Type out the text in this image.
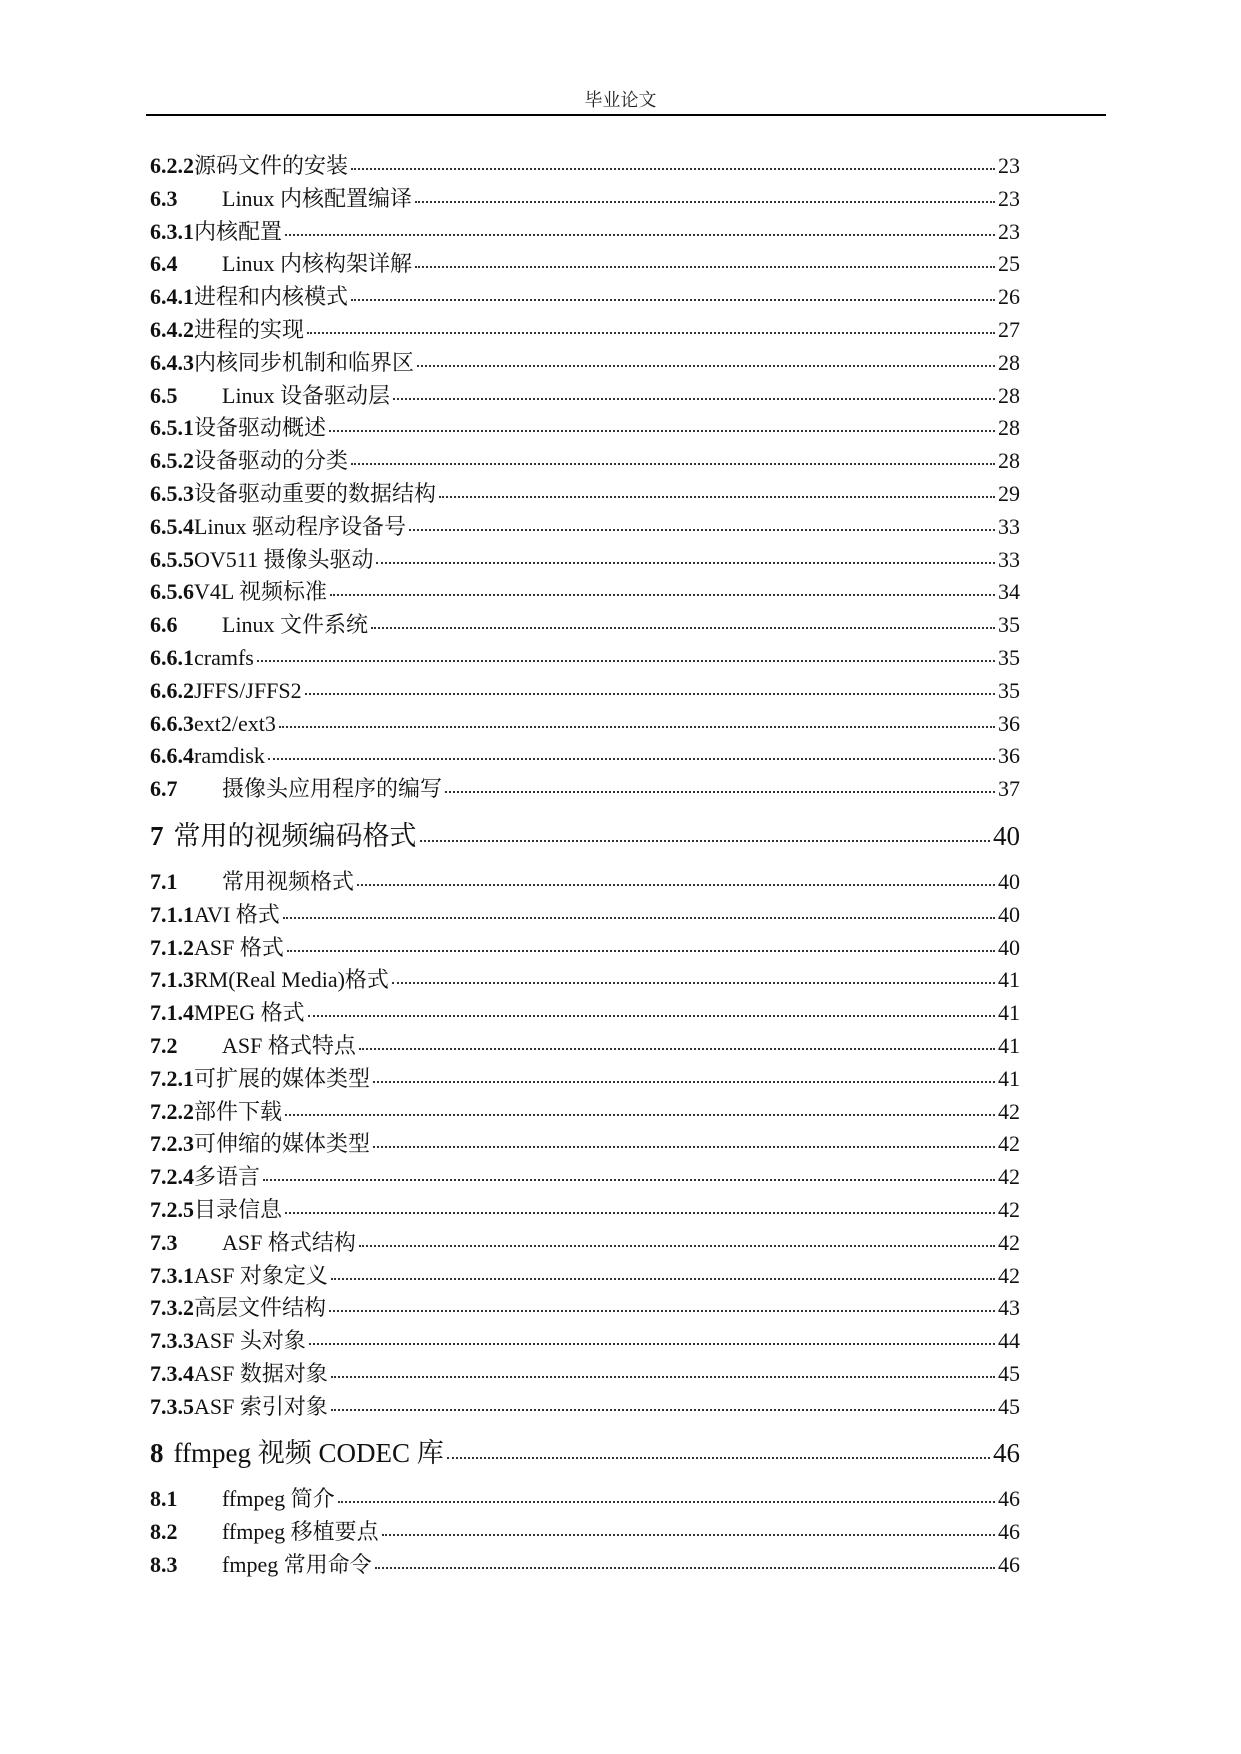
毕业论文
6.2.2 源码文件的安装	23
6.3	Linux 内核配置编译	23
6.3.1 内核配置	23
6.4	Linux 内核构架详解	25
6.4.1 进程和内核模式	26
6.4.2 进程的实现	27
6.4.3 内核同步机制和临界区	28
6.5	Linux 设备驱动层	28
6.5.1 设备驱动概述	28
6.5.2 设备驱动的分类	28
6.5.3 设备驱动重要的数据结构	29
6.5.4 Linux 驱动程序设备号	33
6.5.5 OV511 摄像头驱动	33
6.5.6 V4L 视频标准	34
6.6	Linux 文件系统	35
6.6.1 cramfs	35
6.6.2 JFFS/JFFS2	35
6.6.3 ext2/ext3	36
6.6.4 ramdisk	36
6.7	摄像头应用程序的编写	37
7 常用的视频编码格式	40
7.1	常用视频格式	40
7.1.1 AVI 格式	40
7.1.2 ASF 格式	40
7.1.3 RM(Real Media)格式	41
7.1.4 MPEG 格式	41
7.2	ASF 格式特点	41
7.2.1 可扩展的媒体类型	41
7.2.2 部件下载	42
7.2.3 可伸缩的媒体类型	42
7.2.4 多语言	42
7.2.5 目录信息	42
7.3	ASF 格式结构	42
7.3.1 ASF 对象定义	42
7.3.2 高层文件结构	43
7.3.3 ASF 头对象	44
7.3.4 ASF 数据对象	45
7.3.5 ASF 索引对象	45
8 ffmpeg 视频 CODEC 库	46
8.1	ffmpeg 简介	46
8.2	ffmpeg 移植要点	46
8.3	fmpeg 常用命令	46
